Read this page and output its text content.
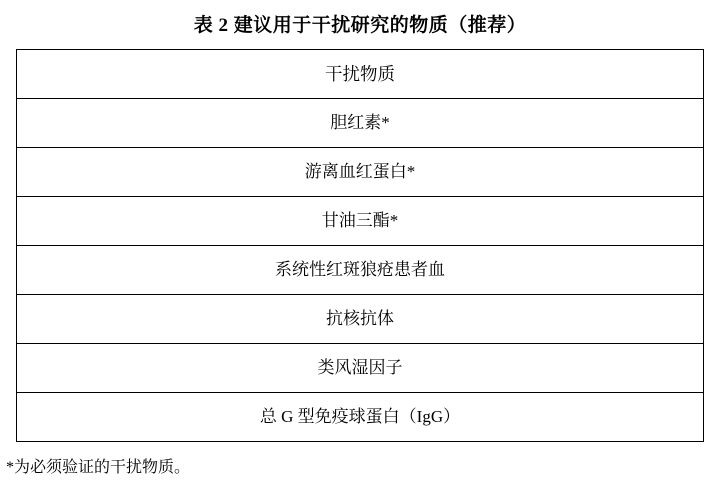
表 2 建议用于干扰研究的物质（推荐）
干扰物质
胆红素*
游离血红蛋白*
甘油三酯*
系统性红斑狼疮患者血
抗核抗体
类风湿因子
总 G 型免疫球蛋白（IgG）
*为必须验证的干扰物质。
